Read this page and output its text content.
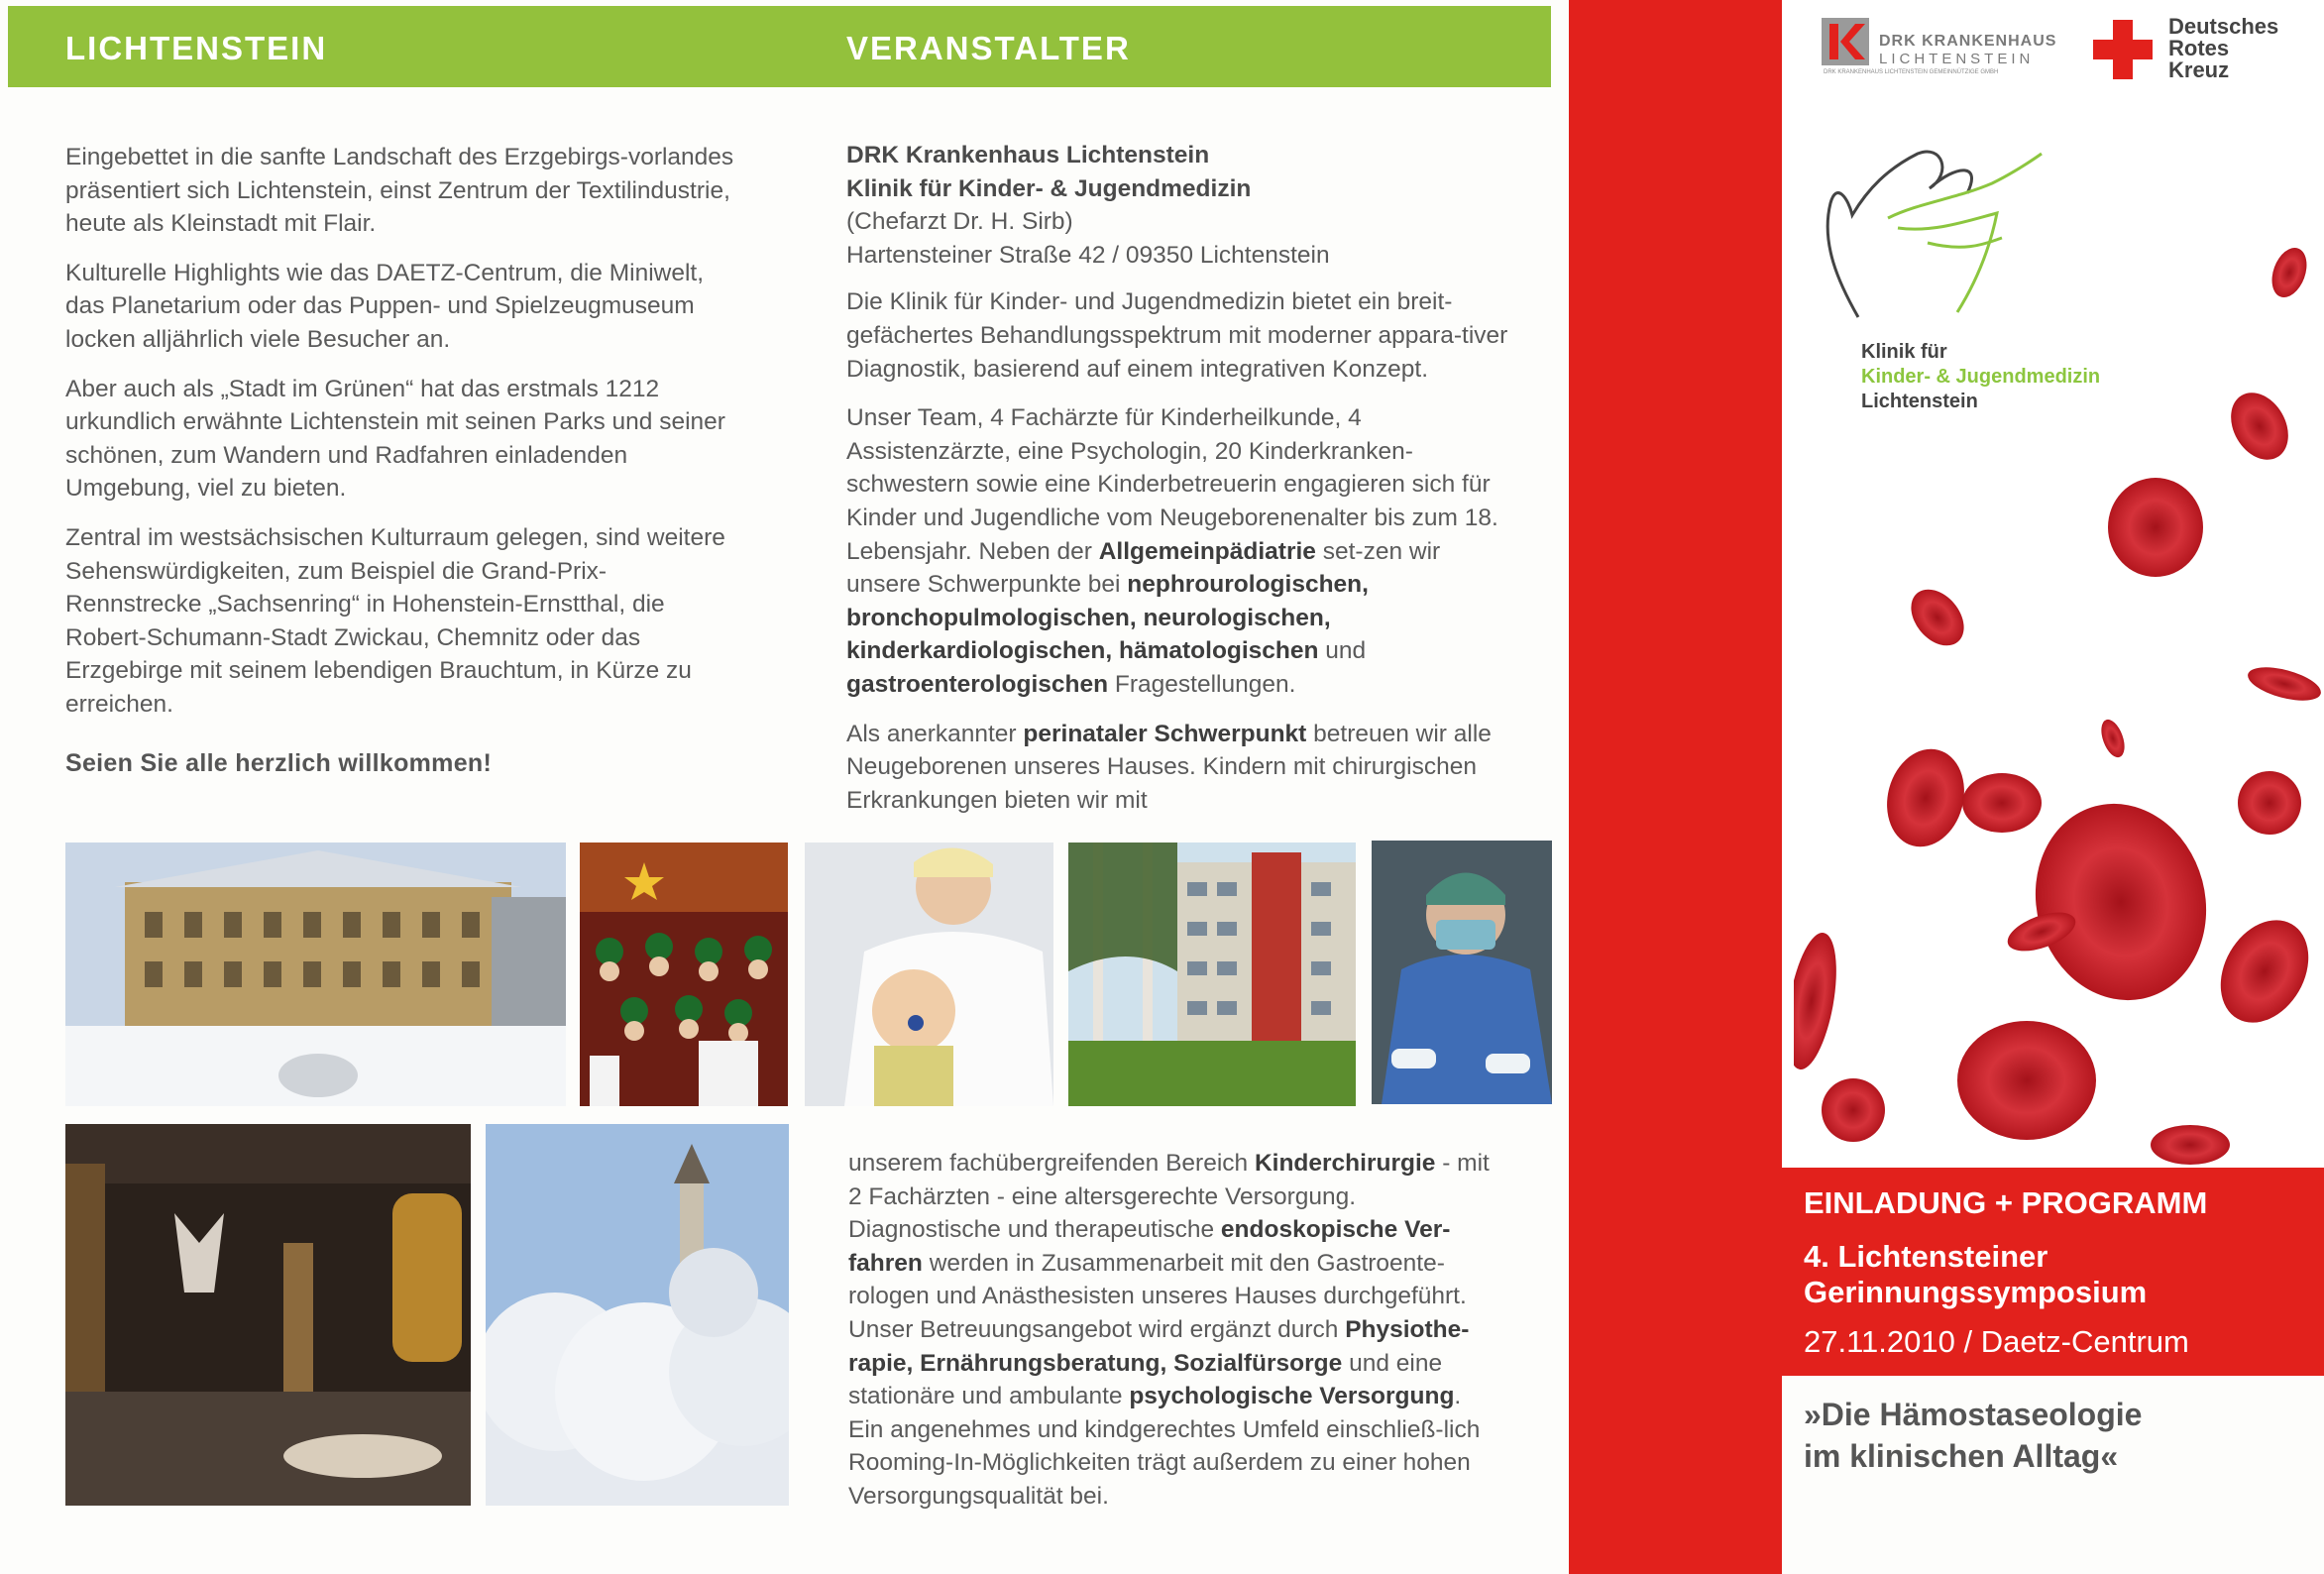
LICHTENSTEIN	VERANSTALTER

Eingebettet in die sanfte Landschaft des Erzgebirgs-vorlandes präsentiert sich Lichtenstein, einst Zentrum der Textilindustrie, heute als Kleinstadt mit Flair.

Kulturelle Highlights wie das DAETZ-Centrum, die Miniwelt, das Planetarium oder das Puppen- und Spielzeugmuseum locken alljährlich viele Besucher an.

Aber auch als „Stadt im Grünen“ hat das erstmals 1212 urkundlich erwähnte Lichtenstein mit seinen Parks und seiner schönen, zum Wandern und Radfahren einladenden Umgebung, viel zu bieten.

Zentral im westsächsischen Kulturraum gelegen, sind weitere Sehenswürdigkeiten, zum Beispiel die Grand-Prix-Rennstrecke „Sachsenring“ in Hohenstein-Ernstthal, die Robert-Schumann-Stadt Zwickau, Chemnitz oder das Erzgebirge mit seinem lebendigen Brauchtum, in Kürze zu erreichen.

Seien Sie alle herzlich willkommen!

DRK Krankenhaus Lichtenstein
Klinik für Kinder- & Jugendmedizin
(Chefarzt Dr. H. Sirb)
Hartensteiner Straße 42 / 09350 Lichtenstein

Die Klinik für Kinder- und Jugendmedizin bietet ein breit-gefächertes Behandlungsspektrum mit moderner appara-tiver Diagnostik, basierend auf einem integrativen Konzept.

Unser Team, 4 Fachärzte für Kinderheilkunde, 4 Assistenzärzte, eine Psychologin, 20 Kinderkranken-schwestern sowie eine Kinderbetreuerin engagieren sich für Kinder und Jugendliche vom Neugeborenenalter bis zum 18. Lebensjahr. Neben der Allgemeinpädiatrie set-zen wir unsere Schwerpunkte bei nephrourologischen, bronchopulmologischen, neurologischen, kinderkardiologischen, hämatologischen und gastroenterologischen Fragestellungen.

Als anerkannter perinataler Schwerpunkt betreuen wir alle Neugeborenen unseres Hauses. Kindern mit chirurgischen Erkrankungen bieten wir mit

unserem fachübergreifenden Bereich Kinderchirurgie - mit 2 Fachärzten - eine altersgerechte Versorgung. Diagnostische und therapeutische endoskopische Ver-fahren werden in Zusammenarbeit mit den Gastroente-rologen und Anästhesisten unseres Hauses durchgeführt. Unser Betreuungsangebot wird ergänzt durch Physiothe-rapie, Ernährungsberatung, Sozialfürsorge und eine stationäre und ambulante psychologische Versorgung. Ein angenehmes und kindgerechtes Umfeld einschließ-lich Rooming-In-Möglichkeiten trägt außerdem zu einer hohen Versorgungsqualität bei.

DRK KRANKENHAUS
LICHTENSTEIN
DRK KRANKENHAUS LICHTENSTEIN GEMEINNÜTZIGE GMBH
Deutsches
Rotes
Kreuz
Klinik für
Kinder- & Jugendmedizin
Lichtenstein
EINLADUNG + PROGRAMM
4. Lichtensteiner
Gerinnungssymposium
27.11.2010 / Daetz-Centrum
»Die Hämostaseologie
im klinischen Alltag«
